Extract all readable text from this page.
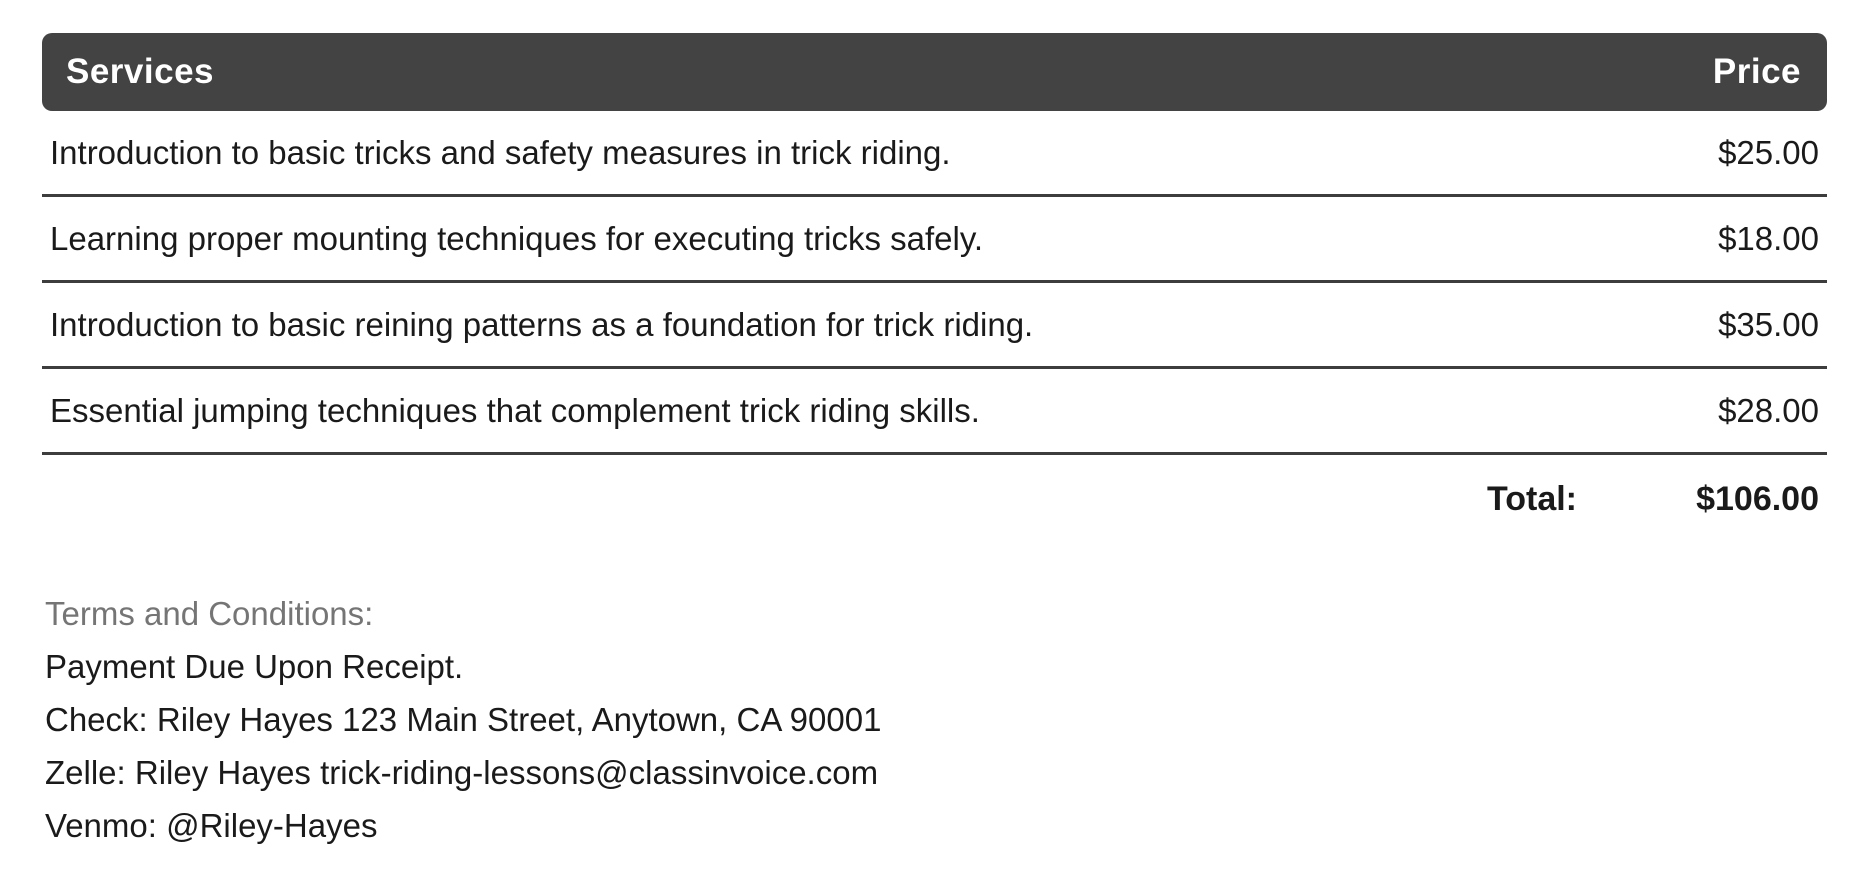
Services	Price
Introduction to basic tricks and safety measures in trick riding.	$25.00
Learning proper mounting techniques for executing tricks safely.	$18.00
Introduction to basic reining patterns as a foundation for trick riding.	$35.00
Essential jumping techniques that complement trick riding skills.	$28.00
Total:	$106.00
Terms and Conditions:
Payment Due Upon Receipt.
Check: Riley Hayes 123 Main Street, Anytown, CA 90001
Zelle: Riley Hayes trick-riding-lessons@classinvoice.com
Venmo: @Riley-Hayes
